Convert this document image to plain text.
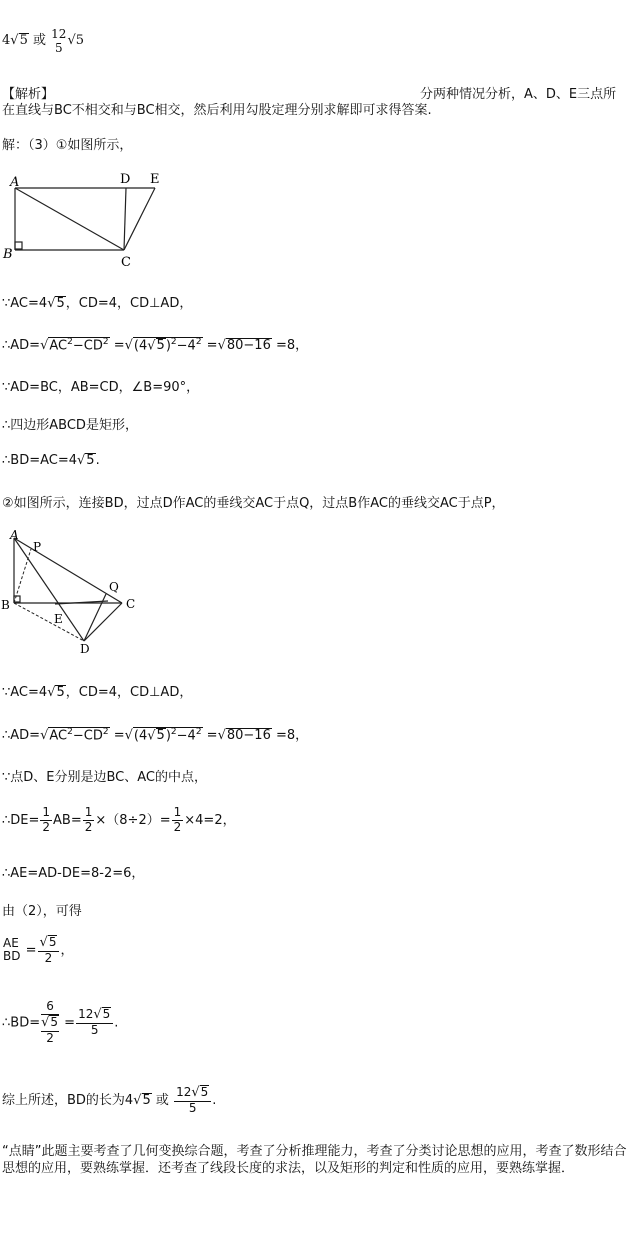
4√5 或 12
5 √5
【解析】	分两种情况分析，A、D、E三点所
在直线与BC不相交和与BC相交，然后利用勾股定理分别求解即可求得答案.
解：（3）①如图所示，
A	D E
B
C
∵AC=4√5，CD=4，CD⊥AD，
$\therefore AD=√AC^2-CD^2 =√(4√5)^2-4^2 =√80-16 =8$，
∵AD=BC，AB=CD，∠B=90°，
∴四边形ABCD是矩形，
∴BD=AC=4√5.
②如图所示，连接BD，过点D作AC的垂线交AC于点Q，过点B作AC的垂线交AC于点P，
A
P
Q
B	C
E
D
∵AC=4√5，CD=4，CD⊥AD，
$\therefore AD=√AC^2-CD^2 =√(4√5)^2-4^2 =√80-16 =8$，
∵点D、E分别是边BC、AC的中点，
∴DE= $\frac{1}{2} AB= \frac{1}{2} \times(8\div 2)= \frac{1}{2} \times 4=2$，
∴AE=AD-DE=8-2=6，
由（2），可得
AE
BD = $\frac{√5}{2}$ ，
∴BD=
6
√5
2
= $\frac{12√5}{5}$ .
综上所述，BD的长为4√5 或 $\frac{12√5}{5}$ .
“点睛”此题主要考查了几何变换综合题，考查了分析推理能力，考查了分类讨论思想的应用，考查了数形结合思想的应用，要熟练掌握．还考查了线段长度的求法，以及矩形的判定和性质的应用，要熟练掌握．
